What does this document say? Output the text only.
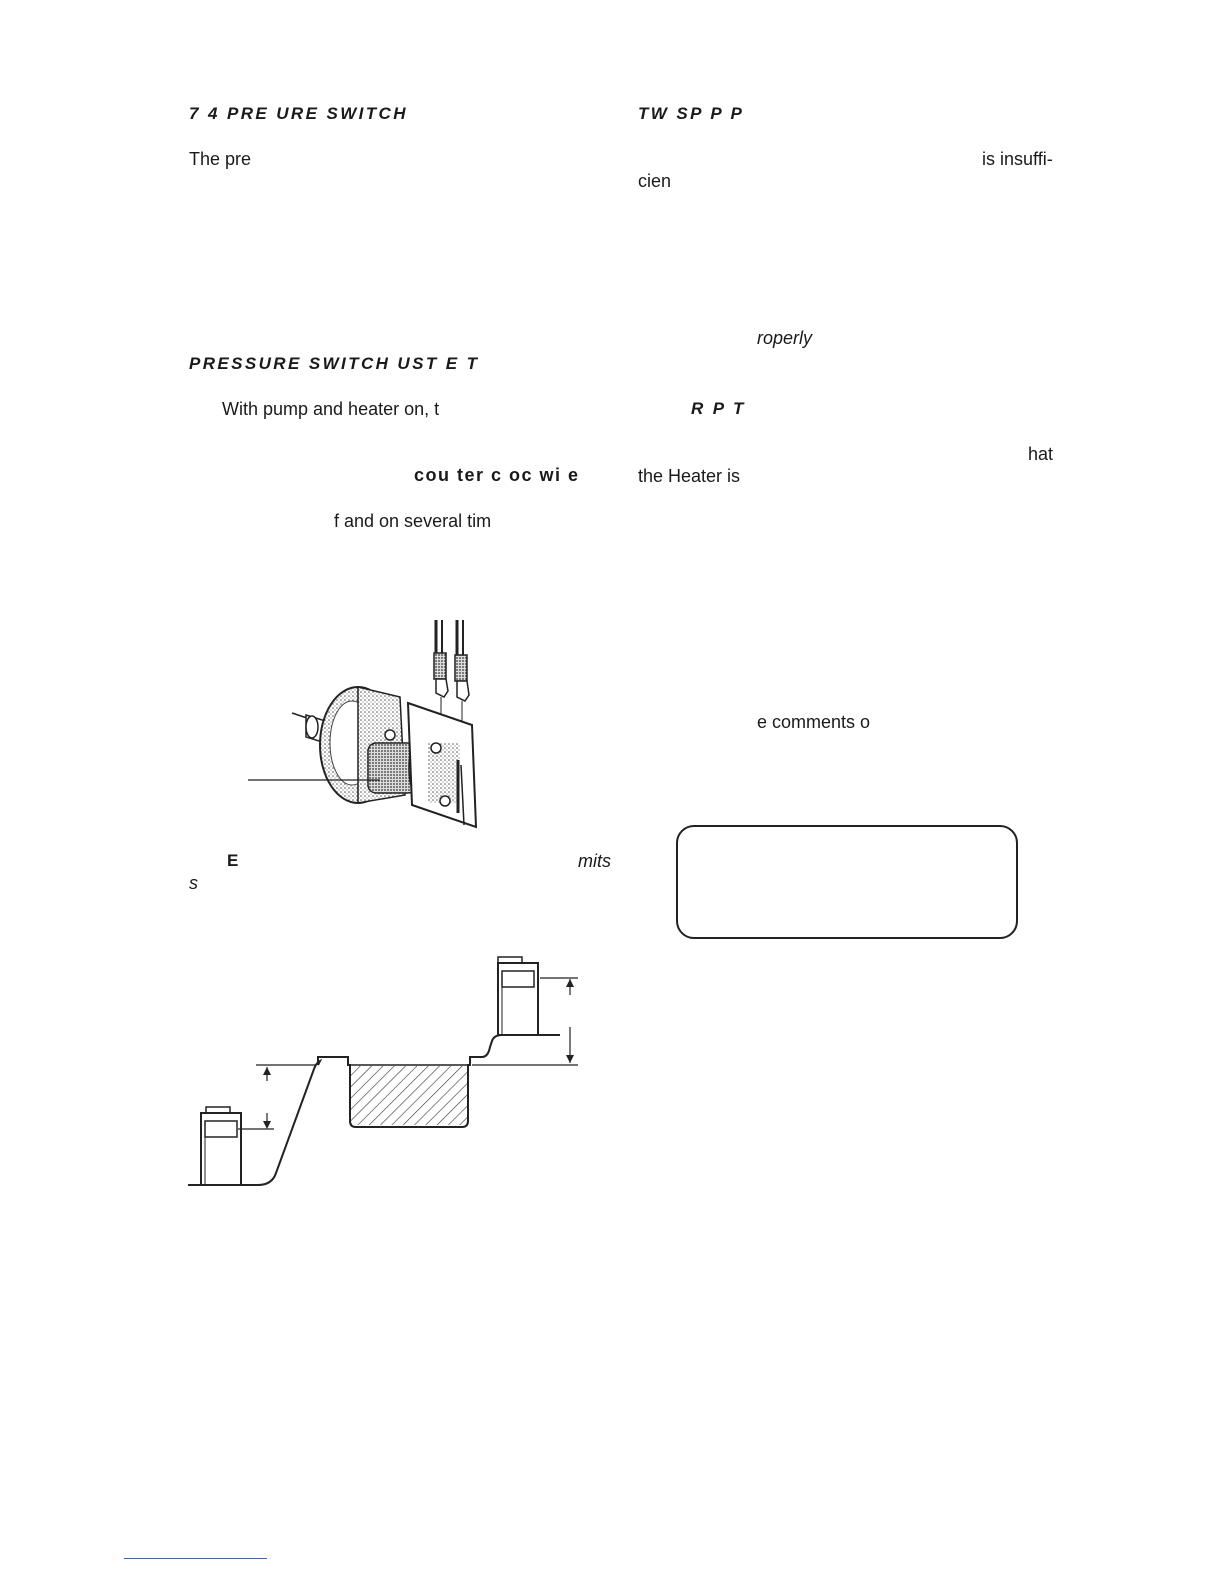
7 4 PRE URE SWITCH
The pre
PRESSURE SWITCH UST E T
With pump and heater on, t
cou ter c oc wi e
f and on several tim
E	mits
s
TW SP P P
is insuffi-
cien
roperly
R P T
hat
the Heater is
e comments o
